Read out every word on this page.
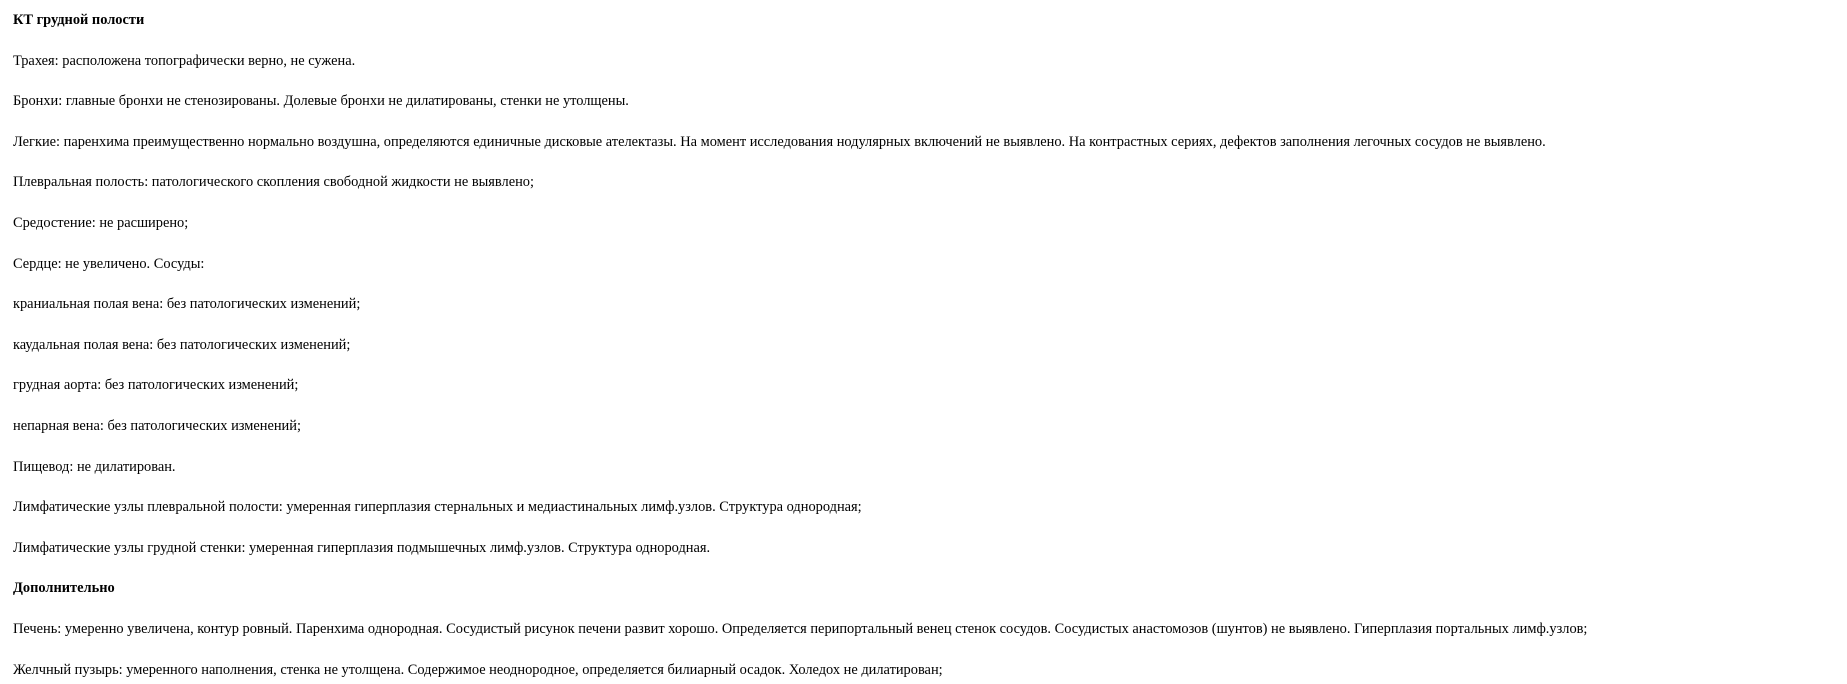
КТ грудной полости

Трахея: расположена топографически верно, не сужена.

Бронхи: главные бронхи не стенозированы. Долевые бронхи не дилатированы, стенки не утолщены.

Легкие: паренхима преимущественно нормально воздушна, определяются единичные дисковые ателектазы. На момент исследования нодулярных включений не выявлено. На контрастных сериях, дефектов заполнения легочных сосудов не выявлено.

Плевральная полость: патологического скопления свободной жидкости не выявлено;

Средостение: не расширено;

Сердце: не увеличено. Сосуды:

краниальная полая вена: без патологических изменений;

каудальная полая вена: без патологических изменений;

грудная аорта: без патологических изменений;

непарная вена: без патологических изменений;

Пищевод: не дилатирован.

Лимфатические узлы плевральной полости: умеренная гиперплазия стернальных и медиастинальных лимф.узлов. Структура однородная;

Лимфатические узлы грудной стенки: умеренная гиперплазия подмышечных лимф.узлов. Структура однородная.

Дополнительно

Печень: умеренно увеличена, контур ровный. Паренхима однородная. Сосудистый рисунок печени развит хорошо. Определяется перипортальный венец стенок сосудов. Сосудистых анастомозов (шунтов) не выявлено. Гиперплазия портальных лимф.узлов;

Желчный пузырь: умеренного наполнения, стенка не утолщена. Содержимое неоднородное, определяется билиарный осадок. Холедох не дилатирован;
